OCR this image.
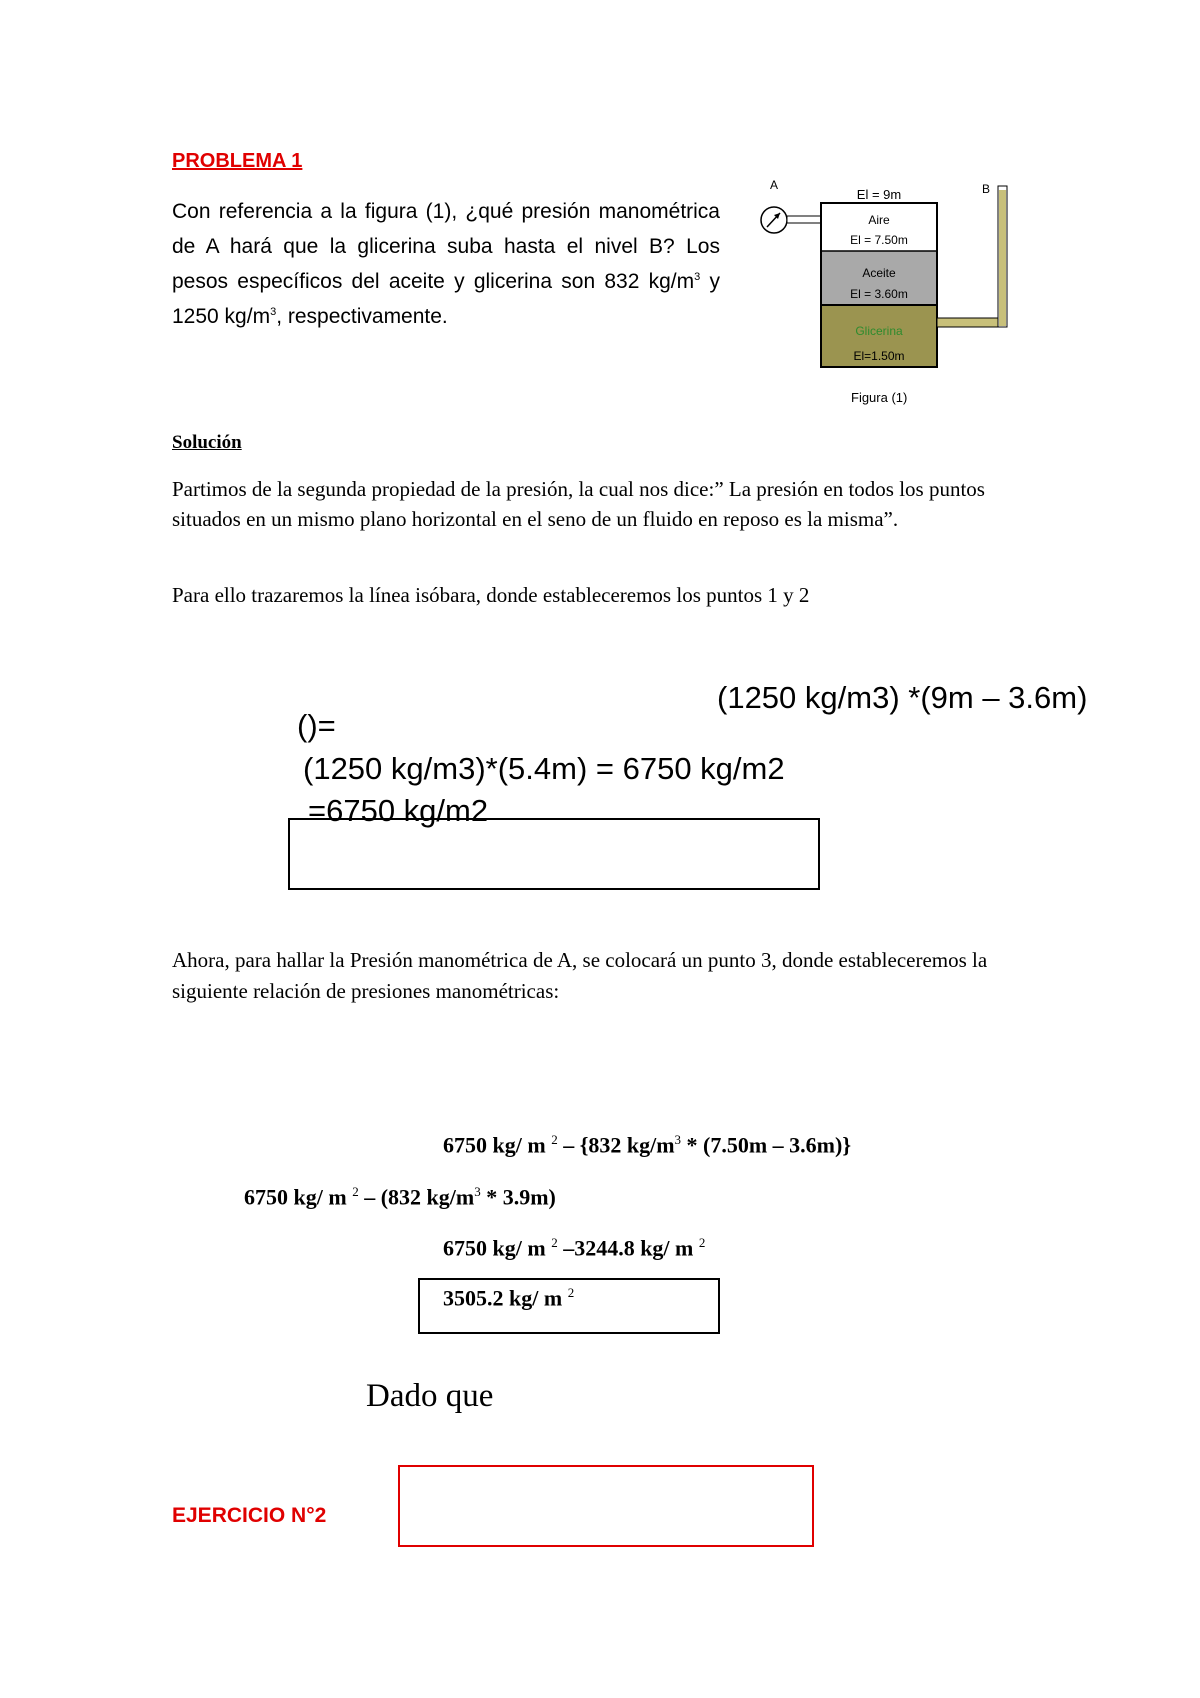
PROBLEMA 1
Con referencia a la figura (1), ¿qué presión manométrica de A hará que la glicerina suba hasta el nivel B? Los pesos específicos del aceite y glicerina son 832 $kg/m^3$ y 1250 $kg/m^3$, respectivamente.
A	B
El = 9m
Aire
El = 7.50m
Aceite
El = 3.60m
Glicerina
El=1.50m
Figura (1)
Solución
Partimos de la segunda propiedad de la presión, la cual nos dice:” La presión en todos los puntos situados en un mismo plano horizontal en el seno de un fluido en reposo es la misma”.
Para ello trazaremos la línea isóbara, donde estableceremos los puntos 1 y 2
(1250 kg/m3) *(9m – 3.6m)
()=
(1250 kg/m3)*(5.4m) = 6750 kg/m2
=6750 kg/m2
Ahora, para hallar la Presión manométrica de A, se colocará un punto 3, donde estableceremos la siguiente relación de presiones manométricas:
6750 kg/ m $^2$ – {832 $kg/m^3 * (7.50m - 3.6m)$}
6750 kg/ m $^2$ – (832 $kg/m^3 * 3.9m$)
6750 kg/ m $^2$ –3244.8 kg/ m $^2$
3505.2 kg/ m $^2$
Dado que
EJERCICIO N°2
